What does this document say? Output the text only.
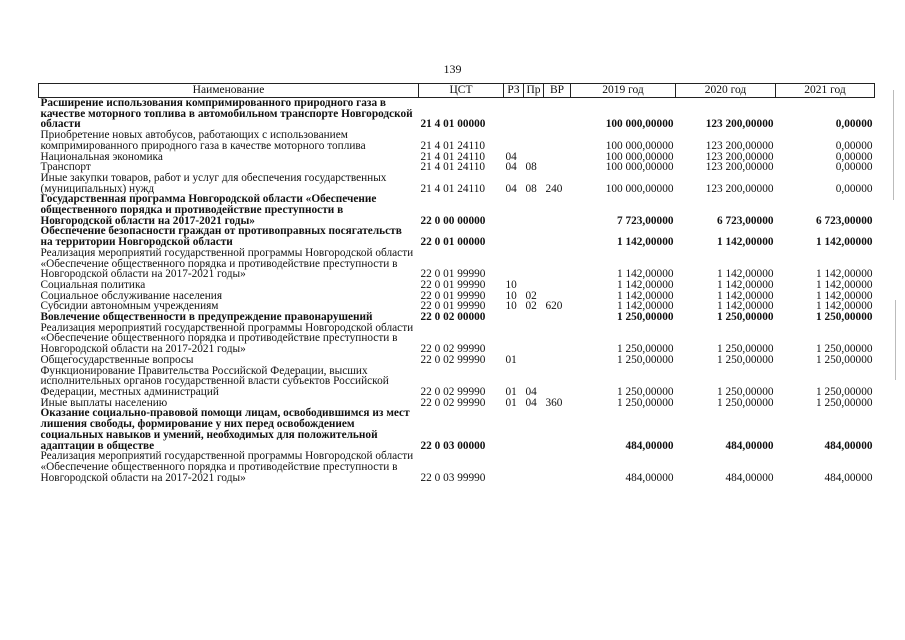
139
Наименование	ЦСТ	РЗ	Пр	ВР	2019 год	2020 год	2021 год
Расширение использования компримированного природного газа в качестве моторного топлива в автомобильном транспорте Новгородской области	21 4 01 00000				100 000,00000	123 200,00000	0,00000
Приобретение новых автобусов, работающих с использованием компримированного природного газа в качестве моторного топлива	21 4 01 24110				100 000,00000	123 200,00000	0,00000
Национальная экономика	21 4 01 24110	04			100 000,00000	123 200,00000	0,00000
Транспорт	21 4 01 24110	04	08		100 000,00000	123 200,00000	0,00000
Иные закупки товаров, работ и услуг для обеспечения государственных (муниципальных) нужд	21 4 01 24110	04	08	240	100 000,00000	123 200,00000	0,00000
Государственная программа Новгородской области «Обеспечение общественного порядка и противодействие преступности в Новгородской области на 2017-2021 годы»	22 0 00 00000				7 723,00000	6 723,00000	6 723,00000
Обеспечение безопасности граждан от противоправных посягательств на территории Новгородской области	22 0 01 00000				1 142,00000	1 142,00000	1 142,00000
Реализация мероприятий государственной программы Новгородской области «Обеспечение общественного порядка и противодействие преступности в Новгородской области на 2017-2021 годы»	22 0 01 99990				1 142,00000	1 142,00000	1 142,00000
Социальная политика	22 0 01 99990	10			1 142,00000	1 142,00000	1 142,00000
Социальное обслуживание населения	22 0 01 99990	10	02		1 142,00000	1 142,00000	1 142,00000
Субсидии автономным учреждениям	22 0 01 99990	10	02	620	1 142,00000	1 142,00000	1 142,00000
Вовлечение общественности в предупреждение правонарушений	22 0 02 00000				1 250,00000	1 250,00000	1 250,00000
Реализация мероприятий государственной программы Новгородской области «Обеспечение общественного порядка и противодействие преступности в Новгородской области на 2017-2021 годы»	22 0 02 99990				1 250,00000	1 250,00000	1 250,00000
Общегосударственные вопросы	22 0 02 99990	01			1 250,00000	1 250,00000	1 250,00000
Функционирование Правительства Российской Федерации, высших исполнительных органов государственной власти субъектов Российской Федерации, местных администраций	22 0 02 99990	01	04		1 250,00000	1 250,00000	1 250,00000
Иные выплаты населению	22 0 02 99990	01	04	360	1 250,00000	1 250,00000	1 250,00000
Оказание социально-правовой помощи лицам, освободившимся из мест лишения свободы, формирование у них перед освобождением социальных навыков и умений, необходимых для положительной адаптации в обществе	22 0 03 00000				484,00000	484,00000	484,00000
Реализация мероприятий государственной программы Новгородской области «Обеспечение общественного порядка и противодействие преступности в Новгородской области на 2017-2021 годы»	22 0 03 99990				484,00000	484,00000	484,00000
